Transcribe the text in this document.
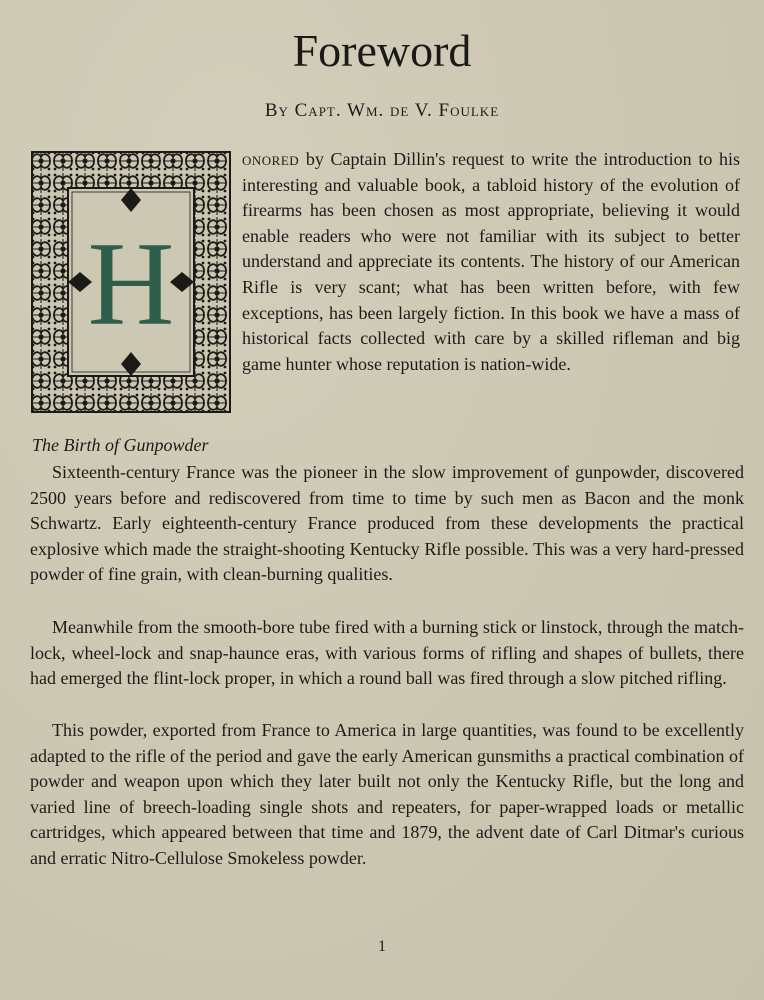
Foreword
By Capt. Wm. de V. Foulke
H

onored by Captain Dillin's request to write the introduction to his interesting and valuable book, a tabloid history of the evolution of firearms has been chosen as most appropriate, believing it would enable readers who were not familiar with its subject to better understand and appreciate its contents. The history of our American Rifle is very scant; what has been written before, with few exceptions, has been largely fiction. In this book we have a mass of historical facts collected with care by a skilled rifleman and big game hunter whose reputation is nation-wide.

The Birth of Gunpowder

Sixteenth-century France was the pioneer in the slow improvement of gunpowder, discovered 2500 years before and rediscovered from time to time by such men as Bacon and the monk Schwartz. Early eighteenth-century France produced from these developments the practical explosive which made the straight-shooting Kentucky Rifle possible. This was a very hard-pressed powder of fine grain, with clean-burning qualities.

Meanwhile from the smooth-bore tube fired with a burning stick or linstock, through the match-lock, wheel-lock and snap-haunce eras, with various forms of rifling and shapes of bullets, there had emerged the flint-lock proper, in which a round ball was fired through a slow pitched rifling.

This powder, exported from France to America in large quantities, was found to be excellently adapted to the rifle of the period and gave the early American gunsmiths a practical combination of powder and weapon upon which they later built not only the Kentucky Rifle, but the long and varied line of breech-loading single shots and repeaters, for paper-wrapped loads or metallic cartridges, which appeared between that time and 1879, the advent date of Carl Ditmar's curious and erratic Nitro-Cellulose Smokeless powder.

1
